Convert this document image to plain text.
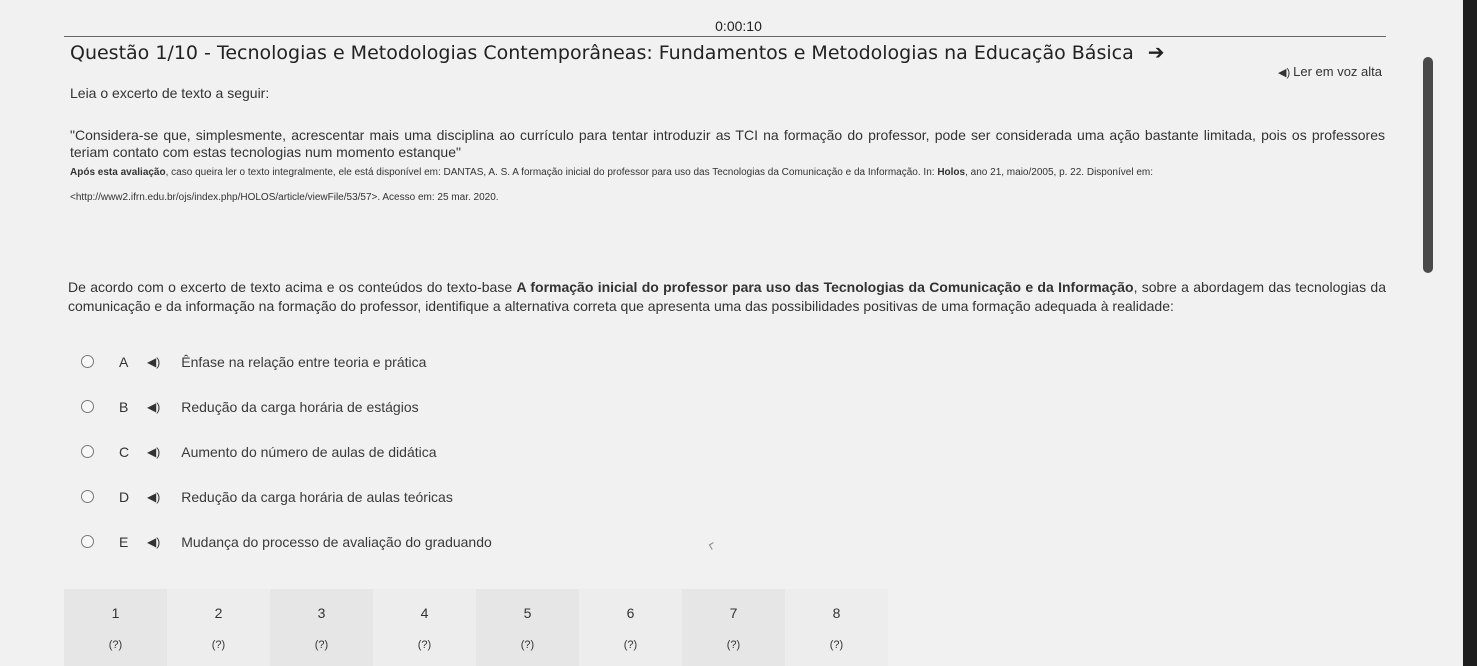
0:00:10
Questão 1/10 - Tecnologias e Metodologias Contemporâneas: Fundamentos e Metodologias na Educação Básica ➔
◀) Ler em voz alta
Leia o excerto de texto a seguir:
"Considera-se que, simplesmente, acrescentar mais uma disciplina ao currículo para tentar introduzir as TCI na formação do professor, pode ser considerada uma ação bastante limitada, pois os professores teriam contato com estas tecnologias num momento estanque"
Após esta avaliação, caso queira ler o texto integralmente, ele está disponível em: DANTAS, A. S. A formação inicial do professor para uso das Tecnologias da Comunicação e da Informação. In: Holos, ano 21, maio/2005, p. 22. Disponível em:
<http://www2.ifrn.edu.br/ojs/index.php/HOLOS/article/viewFile/53/57>. Acesso em: 25 mar. 2020.
De acordo com o excerto de texto acima e os conteúdos do texto-base A formação inicial do professor para uso das Tecnologias da Comunicação e da Informação, sobre a abordagem das tecnologias da comunicação e da informação na formação do professor, identifique a alternativa correta que apresenta uma das possibilidades positivas de uma formação adequada à realidade:
A	◀) Ênfase na relação entre teoria e prática
B	◀) Redução da carga horária de estágios
C	◀) Aumento do número de aulas de didática
D	◀) Redução da carga horária de aulas teóricas
E	◀) Mudança do processo de avaliação do graduando
1
(?)
2
(?)
3
(?)
4
(?)
5
(?)
6
(?)
7
(?)
8
(?)
